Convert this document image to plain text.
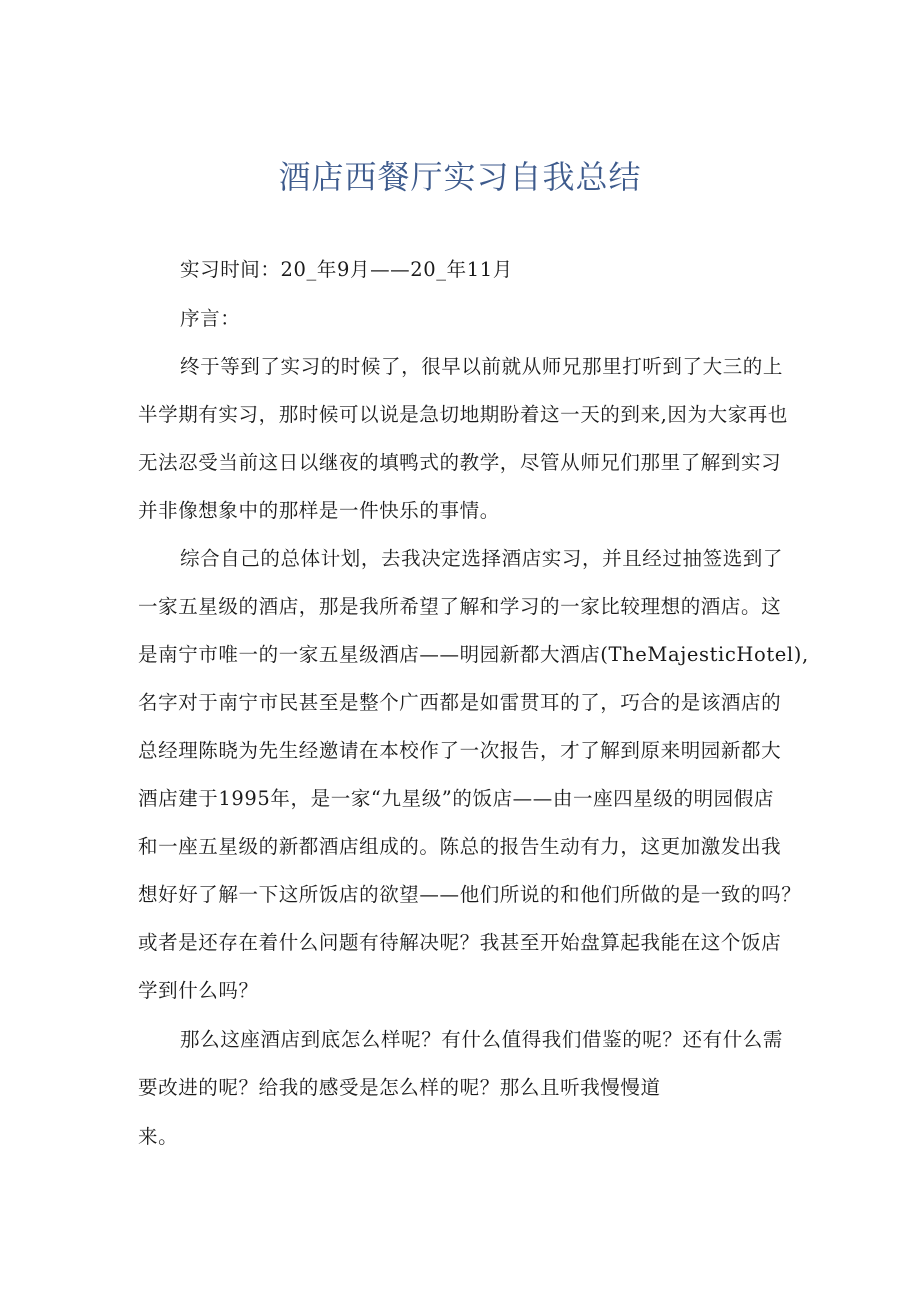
酒店西餐厅实习自我总结
实习时间：20_年9月——20_年11月
序言：
终于等到了实习的时候了，很早以前就从师兄那里打听到了大三的上
半学期有实习，那时候可以说是急切地期盼着这一天的到来,因为大家再也
无法忍受当前这日以继夜的填鸭式的教学，尽管从师兄们那里了解到实习
并非像想象中的那样是一件快乐的事情。
综合自己的总体计划，去我决定选择酒店实习，并且经过抽签选到了
一家五星级的酒店，那是我所希望了解和学习的一家比较理想的酒店。这
是南宁市唯一的一家五星级酒店——明园新都大酒店(TheMajesticHotel),
名字对于南宁市民甚至是整个广西都是如雷贯耳的了，巧合的是该酒店的
总经理陈晓为先生经邀请在本校作了一次报告，才了解到原来明园新都大
酒店建于1995年，是一家“九星级”的饭店——由一座四星级的明园假店
和一座五星级的新都酒店组成的。陈总的报告生动有力，这更加激发出我
想好好了解一下这所饭店的欲望——他们所说的和他们所做的是一致的吗？
或者是还存在着什么问题有待解决呢？我甚至开始盘算起我能在这个饭店
学到什么吗？
那么这座酒店到底怎么样呢？有什么值得我们借鉴的呢？还有什么需
要改进的呢？给我的感受是怎么样的呢？那么且听我慢慢道
来。
